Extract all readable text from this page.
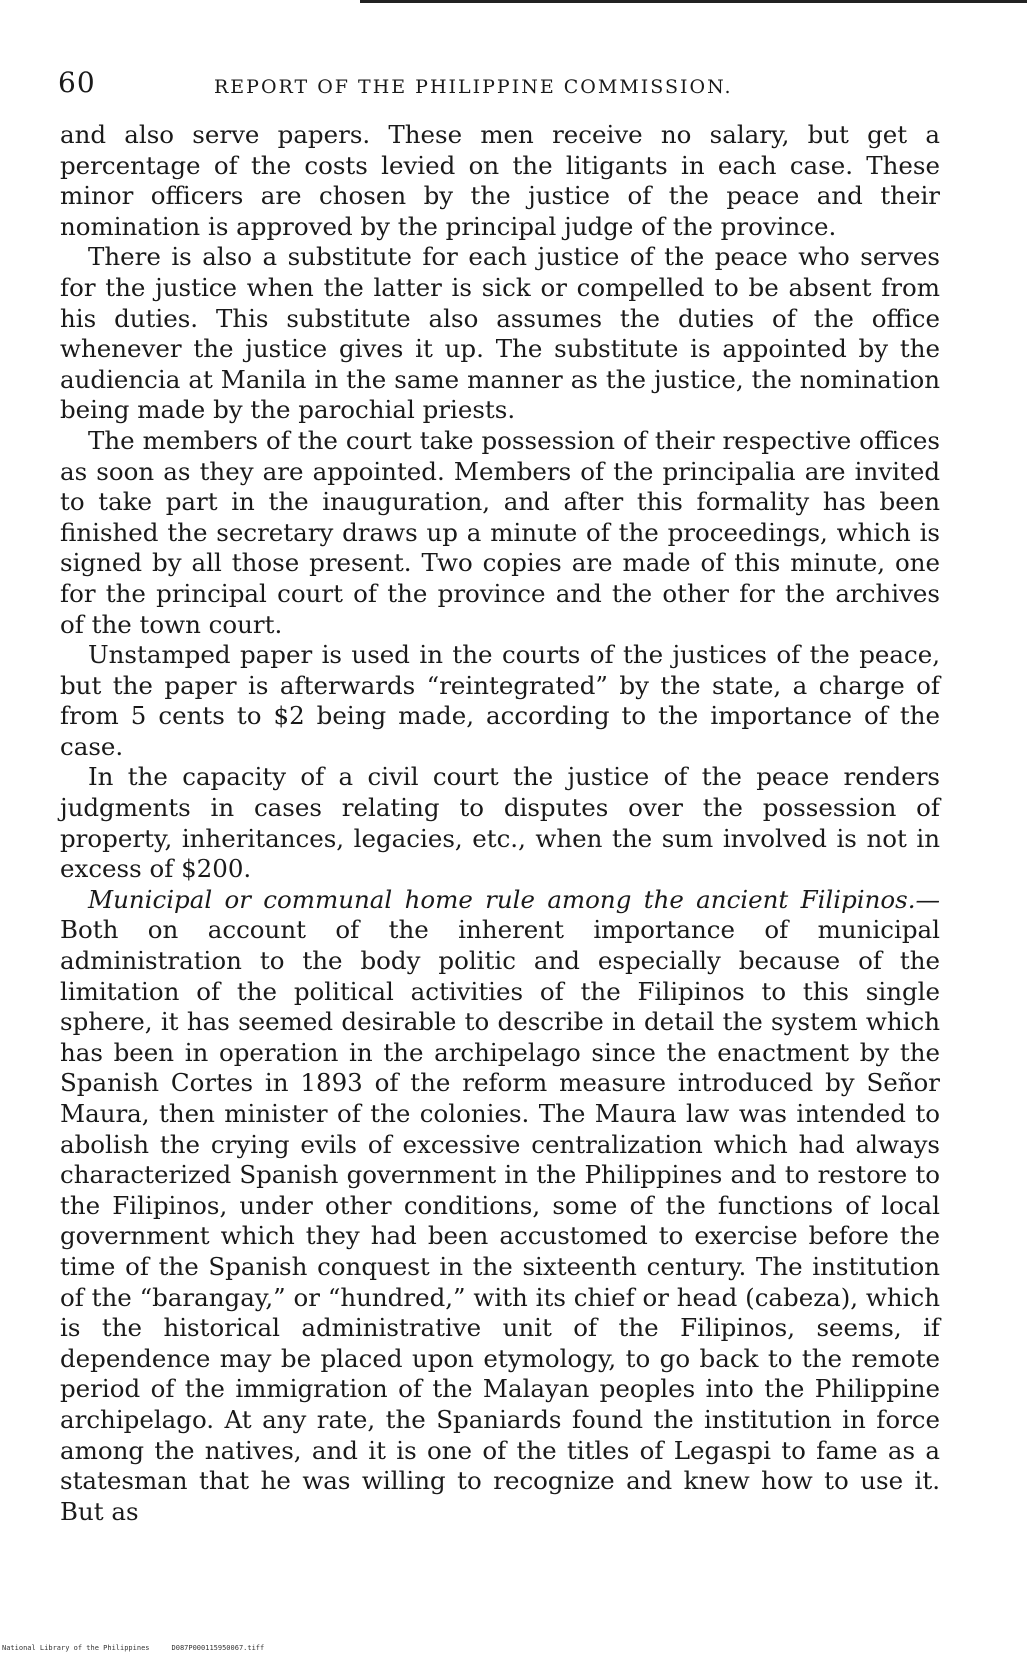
60	REPORT OF THE PHILIPPINE COMMISSION.

and also serve papers. These men receive no salary, but get a percentage of the costs levied on the litigants in each case. These minor officers are chosen by the justice of the peace and their nomination is approved by the principal judge of the province.

There is also a substitute for each justice of the peace who serves for the justice when the latter is sick or compelled to be absent from his duties. This substitute also assumes the duties of the office whenever the justice gives it up. The substitute is appointed by the audiencia at Manila in the same manner as the justice, the nomination being made by the parochial priests.

The members of the court take possession of their respective offices as soon as they are appointed. Members of the principalia are invited to take part in the inauguration, and after this formality has been finished the secretary draws up a minute of the proceedings, which is signed by all those present. Two copies are made of this minute, one for the principal court of the province and the other for the archives of the town court.

Unstamped paper is used in the courts of the justices of the peace, but the paper is afterwards “reintegrated” by the state, a charge of from 5 cents to $2 being made, according to the importance of the case.

In the capacity of a civil court the justice of the peace renders judgments in cases relating to disputes over the possession of property, inheritances, legacies, etc., when the sum involved is not in excess of $200.

Municipal or communal home rule among the ancient Filipinos.— Both on account of the inherent importance of municipal administration to the body politic and especially because of the limitation of the political activities of the Filipinos to this single sphere, it has seemed desirable to describe in detail the system which has been in operation in the archipelago since the enactment by the Spanish Cortes in 1893 of the reform measure introduced by Señor Maura, then minister of the colonies. The Maura law was intended to abolish the crying evils of excessive centralization which had always characterized Spanish government in the Philippines and to restore to the Filipinos, under other conditions, some of the functions of local government which they had been accustomed to exercise before the time of the Spanish conquest in the sixteenth century. The institution of the “barangay,” or “hundred,” with its chief or head (cabeza), which is the historical administrative unit of the Filipinos, seems, if dependence may be placed upon etymology, to go back to the remote period of the immigration of the Malayan peoples into the Philippine archipelago. At any rate, the Spaniards found the institution in force among the natives, and it is one of the titles of Legaspi to fame as a statesman that he was willing to recognize and knew how to use it. But as

National Library of the Philippines	D087P000115950067.tiff
